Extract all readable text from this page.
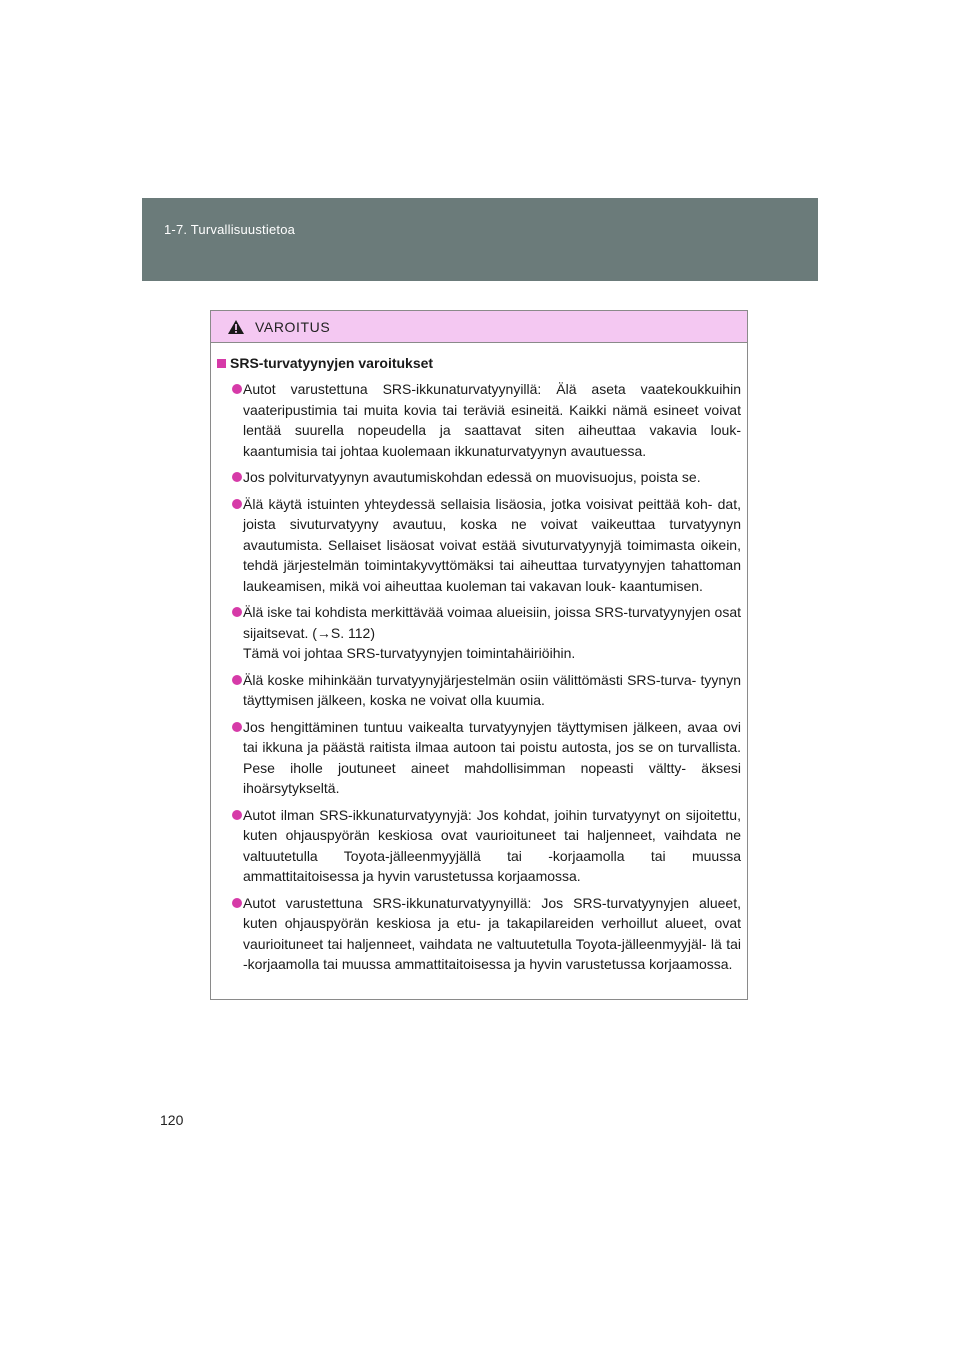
1-7. Turvallisuustietoa
VAROITUS
SRS-turvatyynyjen varoitukset
Autot varustettuna SRS-ikkunaturvatyynyillä: Älä aseta vaatekoukkuihin vaateripustimia tai muita kovia tai teräviä esineitä. Kaikki nämä esineet voivat lentää suurella nopeudella ja saattavat siten aiheuttaa vakavia louk- kaantumisia tai johtaa kuolemaan ikkunaturvatyynyn avautuessa.
Jos polviturvatyynyn avautumiskohdan edessä on muovisuojus, poista se.
Älä käytä istuinten yhteydessä sellaisia lisäosia, jotka voisivat peittää koh- dat, joista sivuturvatyyny avautuu, koska ne voivat vaikeuttaa turvatyynyn avautumista. Sellaiset lisäosat voivat estää sivuturvatyynyjä toimimasta oikein, tehdä järjestelmän toimintakyvyttömäksi tai aiheuttaa turvatyynyjen tahattoman laukeamisen, mikä voi aiheuttaa kuoleman tai vakavan louk- kaantumisen.
Älä iske tai kohdista merkittävää voimaa alueisiin, joissa SRS-turvatyynyjen osat sijaitsevat. (→S. 112)
Tämä voi johtaa SRS-turvatyynyjen toimintahäiriöihin.
Älä koske mihinkään turvatyynyjärjestelmän osiin välittömästi SRS-turva- tyynyn täyttymisen jälkeen, koska ne voivat olla kuumia.
Jos hengittäminen tuntuu vaikealta turvatyynyjen täyttymisen jälkeen, avaa ovi tai ikkuna ja päästä raitista ilmaa autoon tai poistu autosta, jos se on turvallista. Pese iholle joutuneet aineet mahdollisimman nopeasti vältty- äksesi ihoärsytykseltä.
Autot ilman SRS-ikkunaturvatyynyjä: Jos kohdat, joihin turvatyynyt on sijoitettu, kuten ohjauspyörän keskiosa ovat vaurioituneet tai haljenneet, vaihdata ne valtuutetulla Toyota-jälleenmyyjällä tai -korjaamolla tai muussa ammattitaitoisessa ja hyvin varustetussa korjaamossa.
Autot varustettuna SRS-ikkunaturvatyynyillä: Jos SRS-turvatyynyjen alueet, kuten ohjauspyörän keskiosa ja etu- ja takapilareiden verhoillut alueet, ovat vaurioituneet tai haljenneet, vaihdata ne valtuutetulla Toyota-jälleenmyyjäl- lä tai -korjaamolla tai muussa ammattitaitoisessa ja hyvin varustetussa korjaamossa.
120
